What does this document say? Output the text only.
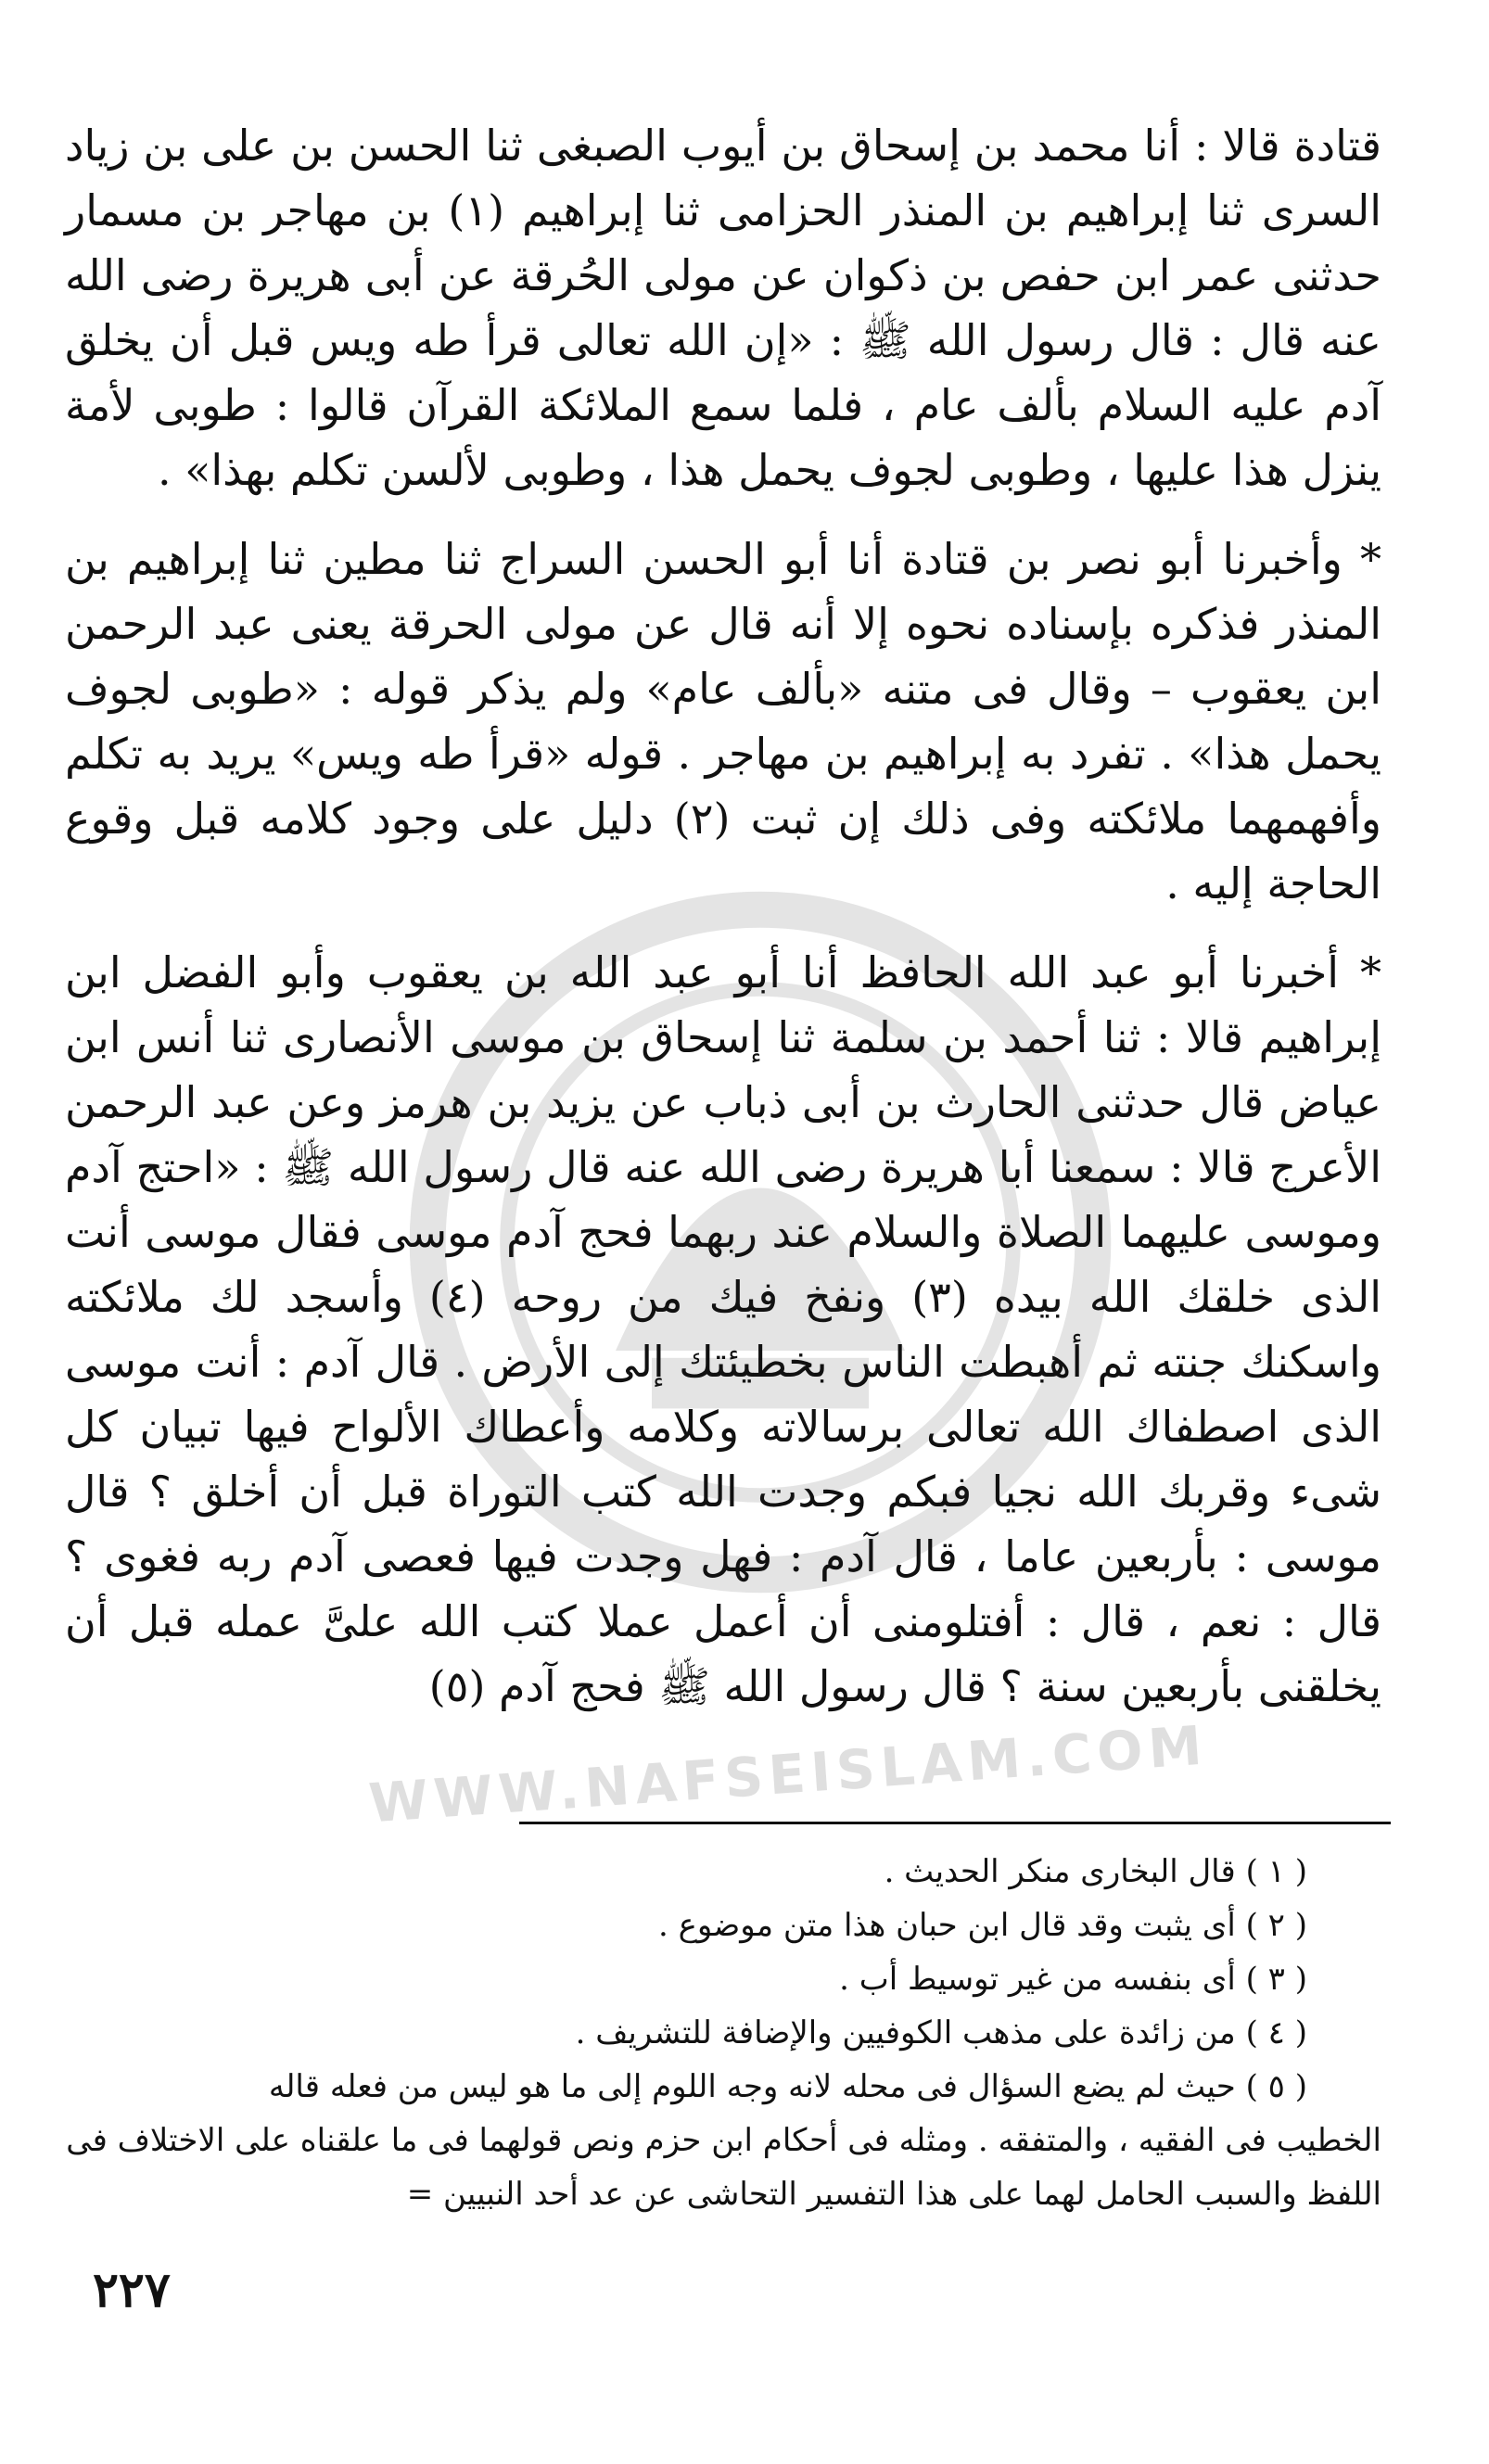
WWW.NAFSEISLAM.COM

قتادة قالا : أنا محمد بن إسحاق بن أيوب الصبغى ثنا الحسن بن على بن زياد السرى ثنا إبراهيم بن المنذر الحزامى ثنا إبراهيم (١) بن مهاجر بن مسمار حدثنى عمر ابن حفص بن ذكوان عن مولى الحُرقة عن أبى هريرة رضى الله عنه قال : قال رسول الله ﷺ : «إن الله تعالى قرأ طه ويس قبل أن يخلق آدم عليه السلام بألف عام ، فلما سمع الملائكة القرآن قالوا : طوبى لأمة ينزل هذا عليها ، وطوبى لجوف يحمل هذا ، وطوبى لألسن تكلم بهذا» .

* وأخبرنا أبو نصر بن قتادة أنا أبو الحسن السراج ثنا مطين ثنا إبراهيم بن المنذر فذكره بإسناده نحوه إلا أنه قال عن مولى الحرقة يعنى عبد الرحمن ابن يعقوب – وقال فى متنه «بألف عام» ولم يذكر قوله : «طوبى لجوف يحمل هذا» . تفرد به إبراهيم بن مهاجر . قوله «قرأ طه ويس» يريد به تكلم وأفهمهما ملائكته وفى ذلك إن ثبت (٢) دليل على وجود كلامه قبل وقوع الحاجة إليه .

* أخبرنا أبو عبد الله الحافظ أنا أبو عبد الله بن يعقوب وأبو الفضل ابن إبراهيم قالا : ثنا أحمد بن سلمة ثنا إسحاق بن موسى الأنصارى ثنا أنس ابن عياض قال حدثنى الحارث بن أبى ذباب عن يزيد بن هرمز وعن عبد الرحمن الأعرج قالا : سمعنا أبا هريرة رضى الله عنه قال رسول الله ﷺ : «احتج آدم وموسى عليهما الصلاة والسلام عند ربهما فحج آدم موسى فقال موسى أنت الذى خلقك الله بيده (٣) ونفخ فيك من روحه (٤) وأسجد لك ملائكته واسكنك جنته ثم أهبطت الناس بخطيئتك إلى الأرض . قال آدم : أنت موسى الذى اصطفاك الله تعالى برسالاته وكلامه وأعطاك الألواح فيها تبيان كل شىء وقربك الله نجيا فبكم وجدت الله كتب التوراة قبل أن أخلق ؟ قال موسى : بأربعين عاما ، قال آدم : فهل وجدت فيها فعصى آدم ربه فغوى ؟ قال : نعم ، قال : أفتلومنى أن أعمل عملا كتب الله علىَّ عمله قبل أن يخلقنى بأربعين سنة ؟ قال رسول الله ﷺ فحج آدم (٥)

( ١ ) قال البخارى منكر الحديث .

( ٢ ) أى يثبت وقد قال ابن حبان هذا متن موضوع .

( ٣ ) أى بنفسه من غير توسيط أب .

( ٤ ) من زائدة على مذهب الكوفيين والإضافة للتشريف .

( ٥ ) حيث لم يضع السؤال فى محله لانه وجه اللوم إلى ما هو ليس من فعله قاله

الخطيب فى الفقيه ، والمتفقه . ومثله فى أحكام ابن حزم ونص قولهما فى ما علقناه على الاختلاف فى اللفظ والسبب الحامل لهما على هذا التفسير التحاشى عن عد أحد النبيين =

٢٢٧
